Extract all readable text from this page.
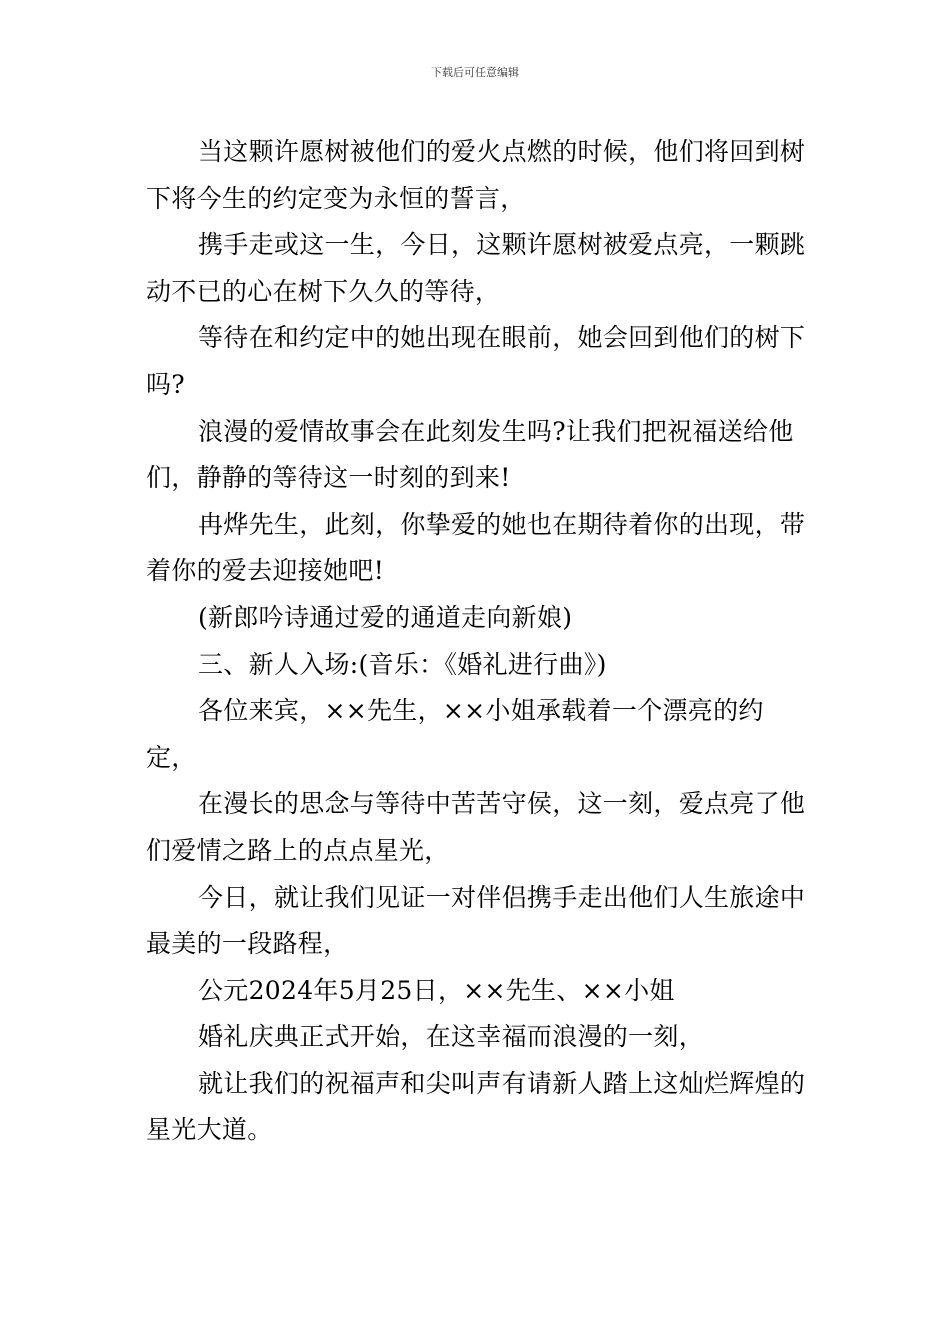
下载后可任意编辑

当这颗许愿树被他们的爱火点燃的时候，他们将回到树下将今生的约定变为永恒的誓言，

携手走或这一生，今日，这颗许愿树被爱点亮，一颗跳动不已的心在树下久久的等待，

等待在和约定中的她出现在眼前，她会回到他们的树下吗?

浪漫的爱情故事会在此刻发生吗?让我们把祝福送给他们，静静的等待这一时刻的到来!

冉烨先生，此刻，你挚爱的她也在期待着你的出现，带着你的爱去迎接她吧!

(新郎吟诗通过爱的通道走向新娘)

三、新人入场:(音乐：《婚礼进行曲》)

各位来宾，××先生，××小姐承载着一个漂亮的约定，

在漫长的思念与等待中苦苦守侯，这一刻，爱点亮了他们爱情之路上的点点星光，

今日，就让我们见证一对伴侣携手走出他们人生旅途中最美的一段路程，

公元2024年5月25日，××先生、××小姐

婚礼庆典正式开始，在这幸福而浪漫的一刻，

就让我们的祝福声和尖叫声有请新人踏上这灿烂辉煌的星光大道。
